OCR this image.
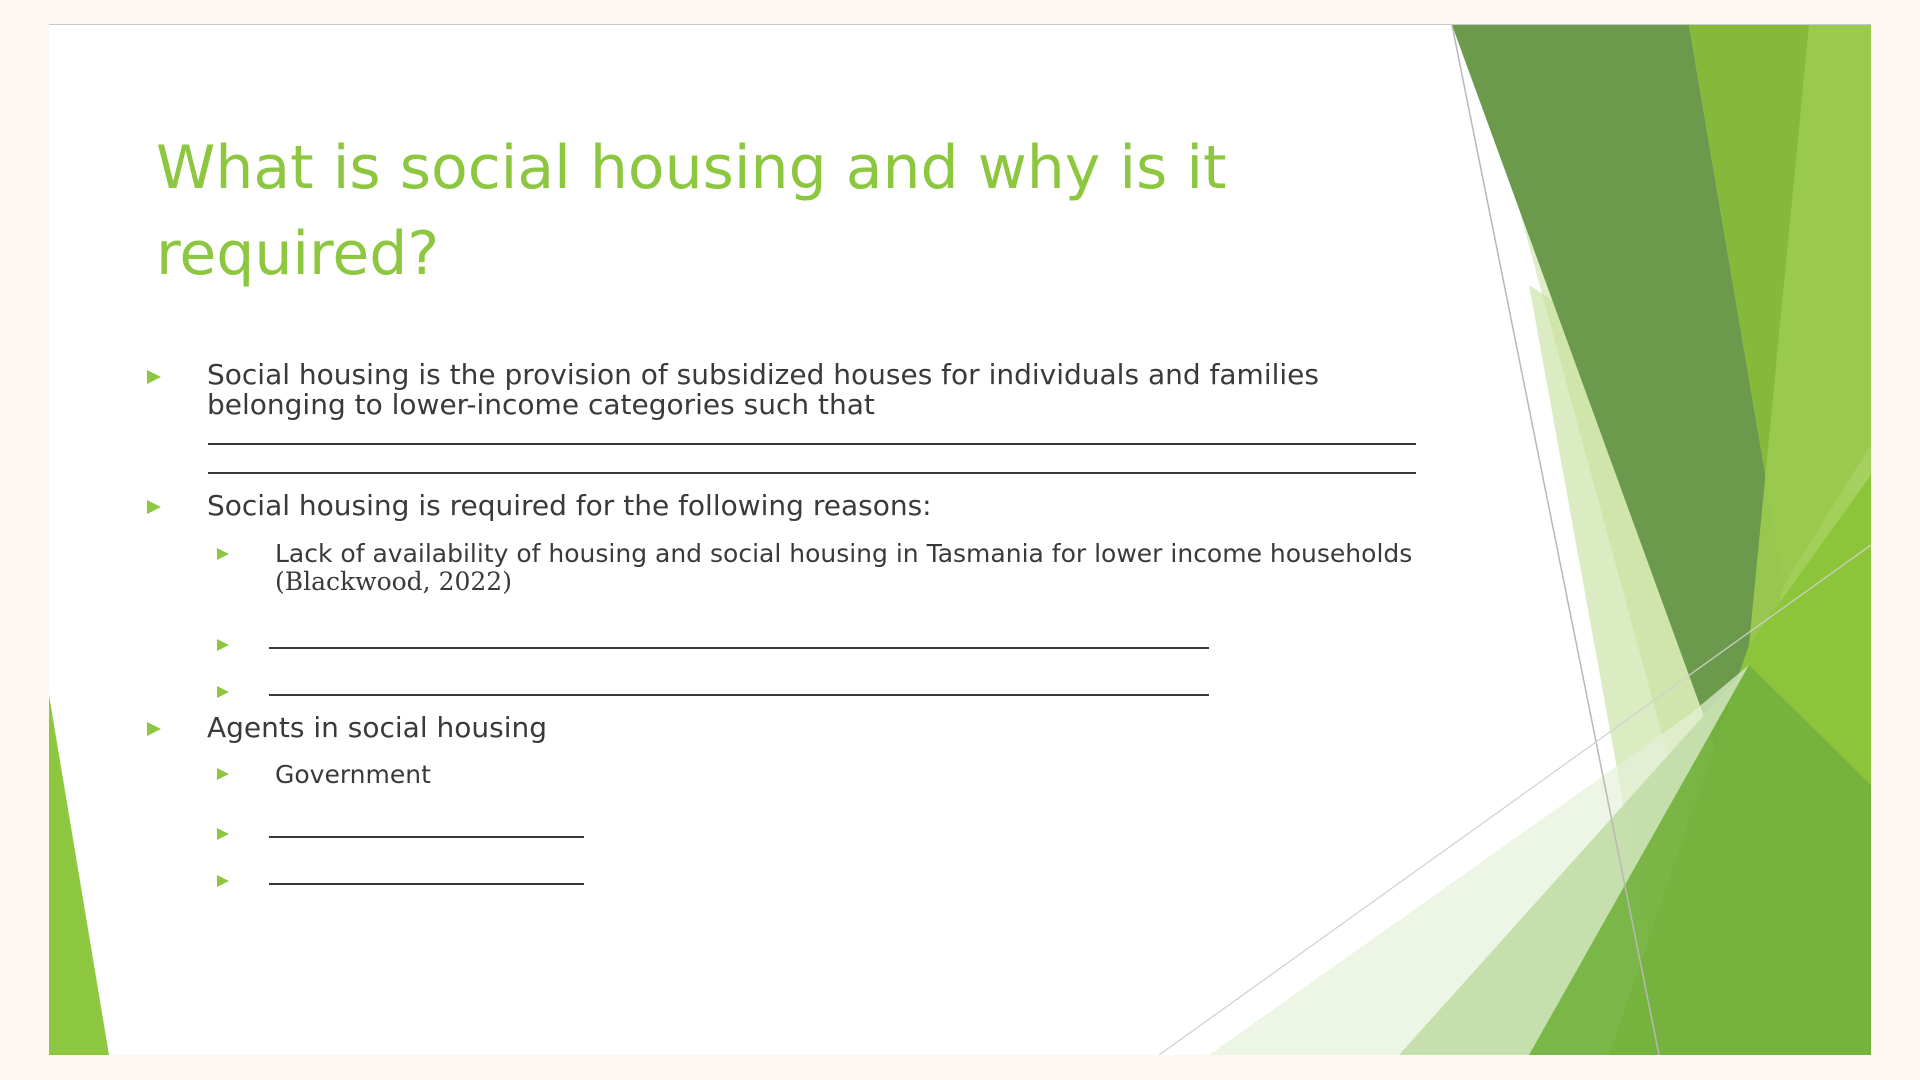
What is social housing and why is it required?
Social housing is the provision of subsidized houses for individuals and families belonging to lower-income categories such that
Social housing is required for the following reasons:
Lack of availability of housing and social housing in Tasmania for lower income households
(Blackwood, 2022)
Agents in social housing
Government
